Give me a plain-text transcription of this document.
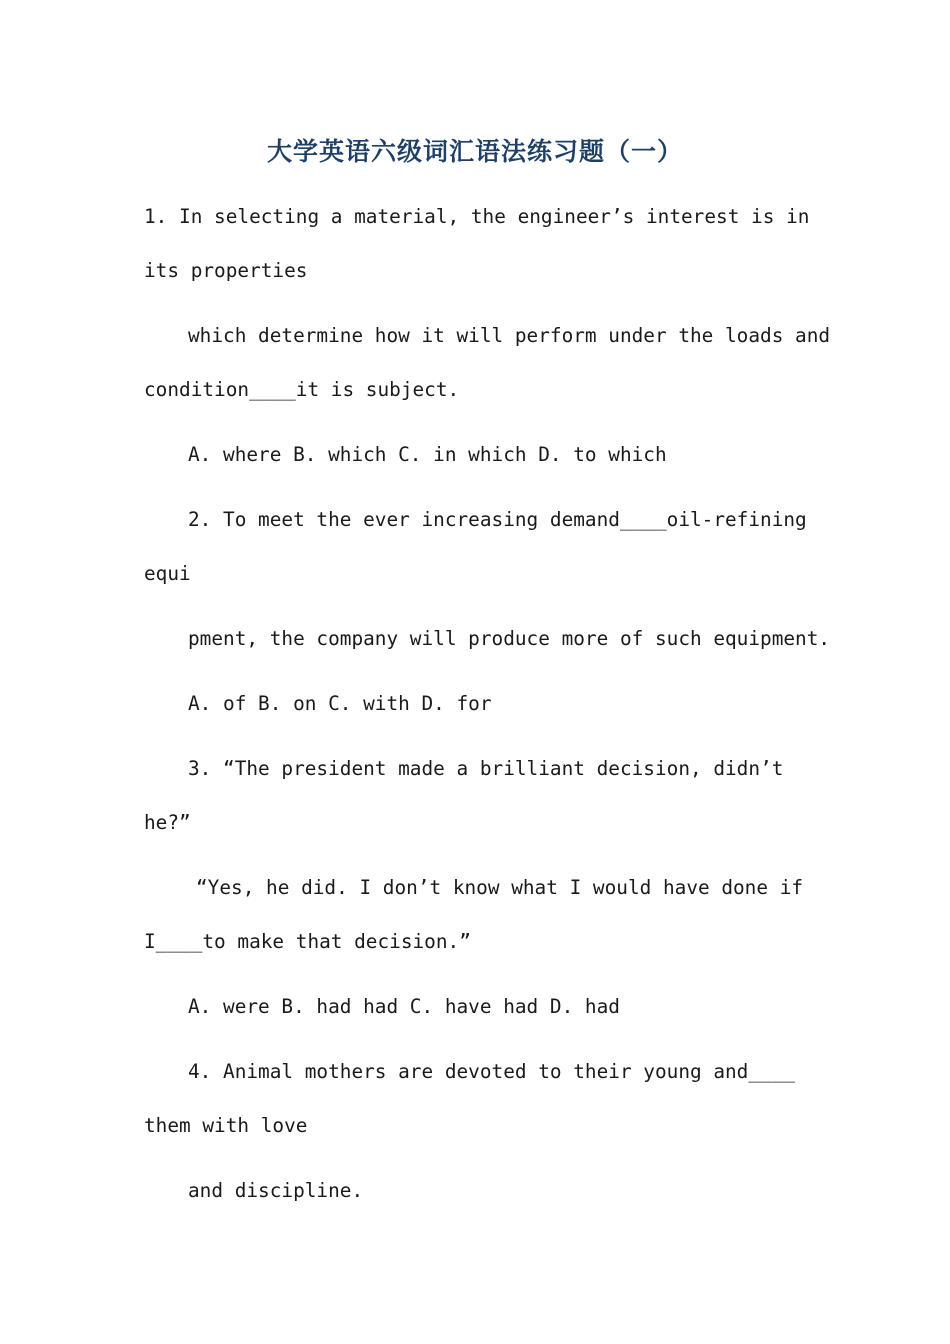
大学英语六级词汇语法练习题（一）
1. In selecting a material, the engineer’s interest is in
its properties
which determine how it will perform under the loads and
condition____it is subject.
A. where B. which C. in which D. to which
2. To meet the ever increasing demand____oil-refining
equi
pment, the company will produce more of such equipment.
A. of B. on C. with D. for
3. “The president made a brilliant decision, didn’t
he?”
“Yes, he did. I don’t know what I would have done if
I____to make that decision.”
A. were B. had had C. have had D. had
4. Animal mothers are devoted to their young and____
them with love
and discipline.
